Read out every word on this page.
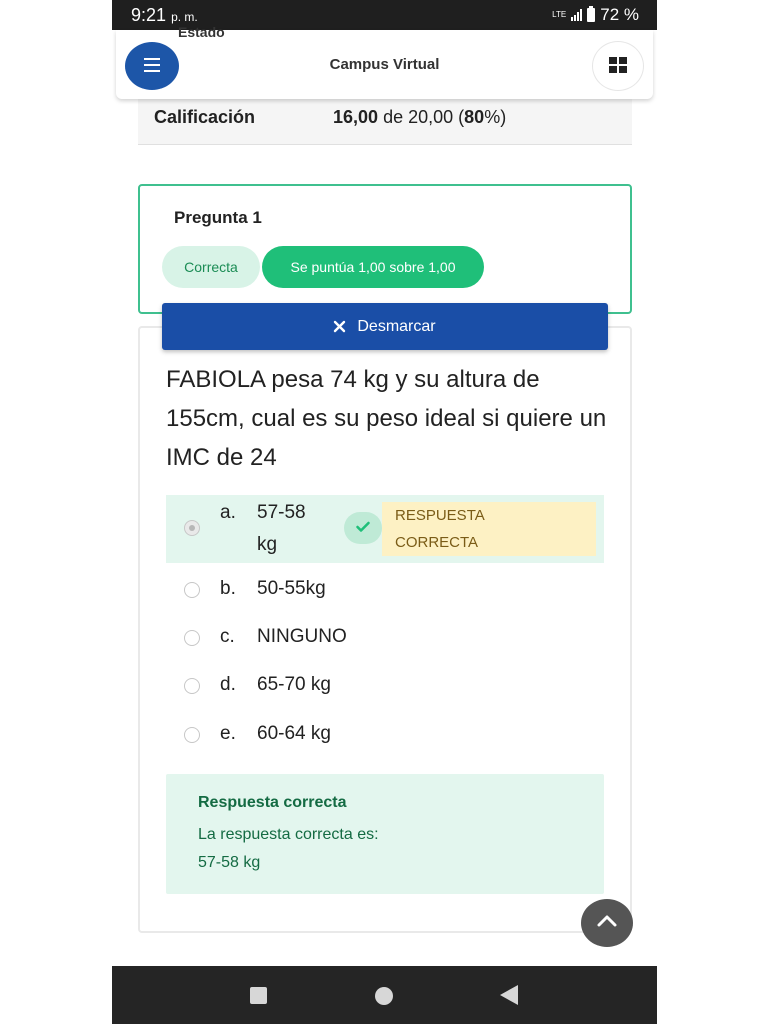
9:21 p. m.	LTE 72 %
Calificación	16,00 de 20,00 (80%)
Estado
Campus Virtual
Pregunta 1
Correcta	Se puntúa 1,00 sobre 1,00
Desmarcar
FABIOLA pesa 74 kg y su altura de 155cm, cual es su peso ideal si quiere un IMC de 24
a. 57-58 kg
RESPUESTA
CORRECTA
b. 50-55kg
c. NINGUNO
d. 65-70 kg
e. 60-64 kg
Respuesta correcta
La respuesta correcta es:
57-58 kg
